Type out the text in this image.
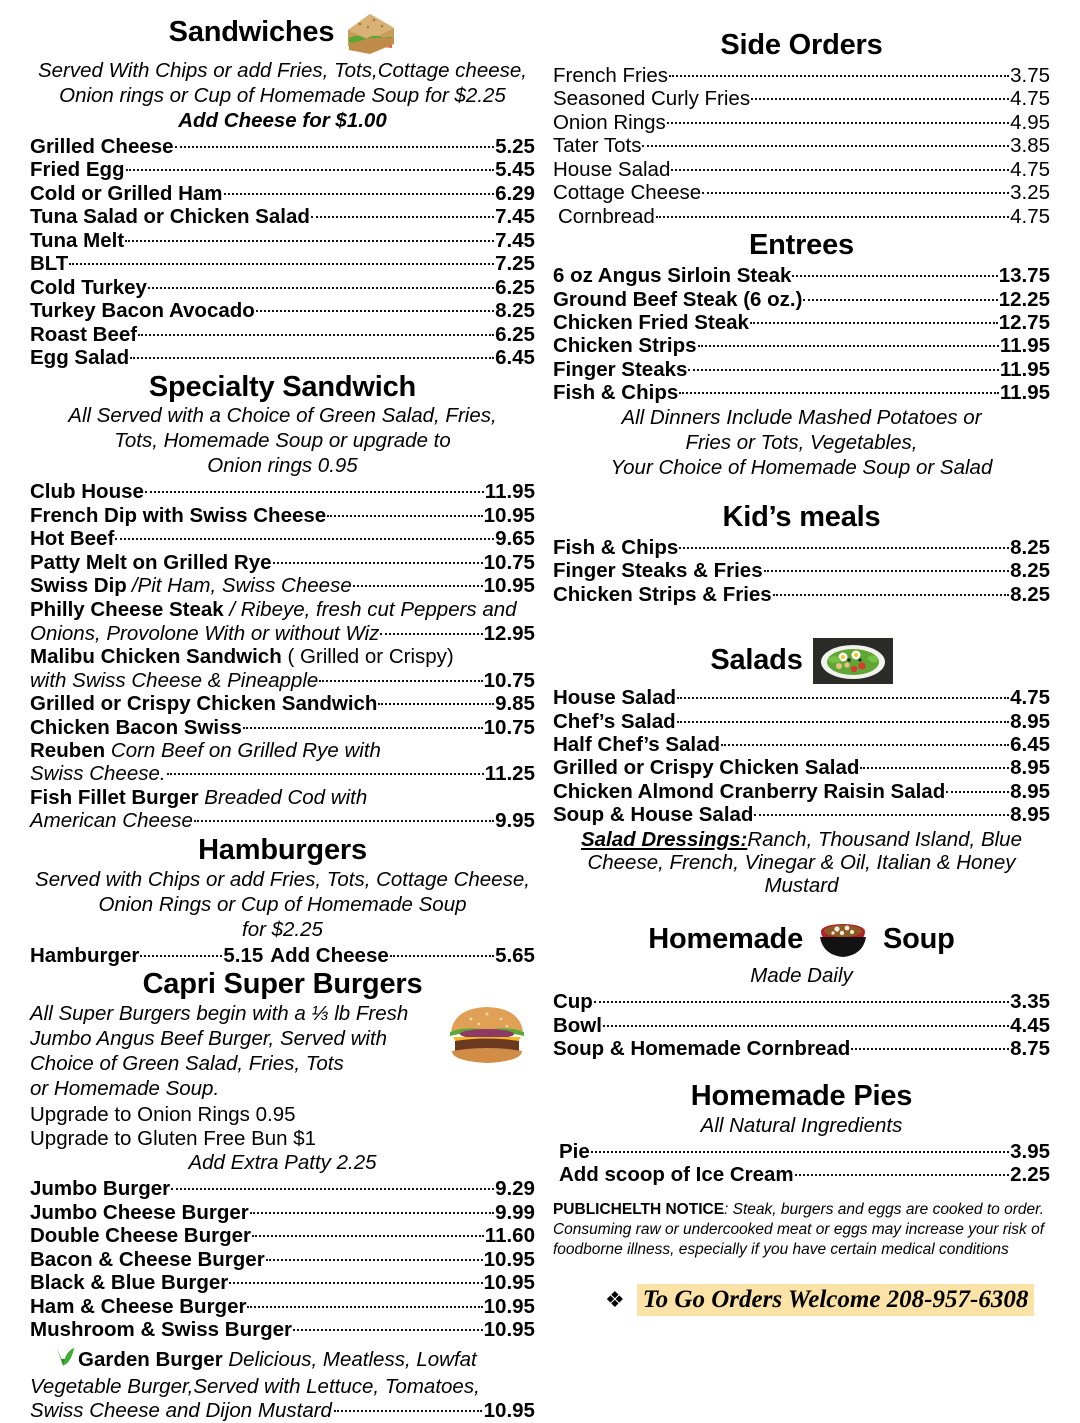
Sandwiches
Served With Chips or add Fries, Tots,Cottage cheese,
Onion rings or Cup of Homemade Soup for $2.25
Add Cheese for $1.00
Grilled Cheese	5.25
Fried Egg	5.45
Cold or Grilled Ham	6.29
Tuna Salad or Chicken Salad	7.45
Tuna Melt	7.45
BLT	7.25
Cold Turkey	6.25
Turkey Bacon Avocado	8.25
Roast Beef	6.25
Egg Salad	6.45
Specialty Sandwich
All Served with a Choice of Green Salad, Fries,
Tots, Homemade Soup or upgrade to
Onion rings 0.95
Club House	11.95
French Dip with Swiss Cheese	10.95
Hot Beef	9.65
Patty Melt on Grilled Rye	10.75
Swiss Dip /Pit Ham, Swiss Cheese	10.95
Philly Cheese Steak / Ribeye, fresh cut Peppers and
Onions, Provolone With or without Wiz	12.95
Malibu Chicken Sandwich ( Grilled or Crispy)
with Swiss Cheese & Pineapple	10.75
Grilled or Crispy Chicken Sandwich	9.85
Chicken Bacon Swiss	10.75
Reuben Corn Beef on Grilled Rye with
Swiss Cheese.	11.25
Fish Fillet Burger Breaded Cod with
American Cheese	9.95
Hamburgers
Served with Chips or add Fries, Tots, Cottage Cheese,
Onion Rings or Cup of Homemade Soup
for $2.25
Hamburger	5.15 Add Cheese	5.65
Capri Super Burgers
All Super Burgers begin with a ⅓ lb Fresh
Jumbo Angus Beef Burger, Served with
Choice of Green Salad, Fries, Tots
or Homemade Soup.
Upgrade to Onion Rings 0.95
Upgrade to Gluten Free Bun $1
Add Extra Patty 2.25
Jumbo Burger	9.29
Jumbo Cheese Burger	9.99
Double Cheese Burger	11.60
Bacon & Cheese Burger	10.95
Black & Blue Burger	10.95
Ham & Cheese Burger	10.95
Mushroom & Swiss Burger	10.95
Garden Burger Delicious, Meatless, Lowfat
Vegetable Burger,Served with Lettuce, Tomatoes,
Swiss Cheese and Dijon Mustard	10.95
Side Orders
French Fries	3.75
Seasoned Curly Fries	4.75
Onion Rings	4.95
Tater Tots	3.85
House Salad	4.75
Cottage Cheese	3.25
Cornbread	4.75
Entrees
6 oz Angus Sirloin Steak	13.75
Ground Beef Steak (6 oz.)	12.25
Chicken Fried Steak	12.75
Chicken Strips	11.95
Finger Steaks	11.95
Fish & Chips	11.95
All Dinners Include Mashed Potatoes or
Fries or Tots, Vegetables,
Your Choice of Homemade Soup or Salad
Kid’s meals
Fish & Chips	8.25
Finger Steaks & Fries	8.25
Chicken Strips & Fries	8.25
Salads
House Salad	4.75
Chef’s Salad	8.95
Half Chef’s Salad	6.45
Grilled or Crispy Chicken Salad	8.95
Chicken Almond Cranberry Raisin Salad	8.95
Soup & House Salad	8.95
Salad Dressings:Ranch, Thousand Island, Blue
Cheese, French, Vinegar & Oil, Italian & Honey
Mustard
Homemade	Soup
Made Daily
Cup	3.35
Bowl	4.45
Soup & Homemade Cornbread	8.75
Homemade Pies
All Natural Ingredients
Pie	3.95
Add scoop of Ice Cream	2.25
PUBLICHELTH NOTICE: Steak, burgers and eggs are cooked to order.
Consuming raw or undercooked meat or eggs may increase your risk of
foodborne illness, especially if you have certain medical conditions
❖ To Go Orders Welcome 208-957-6308
